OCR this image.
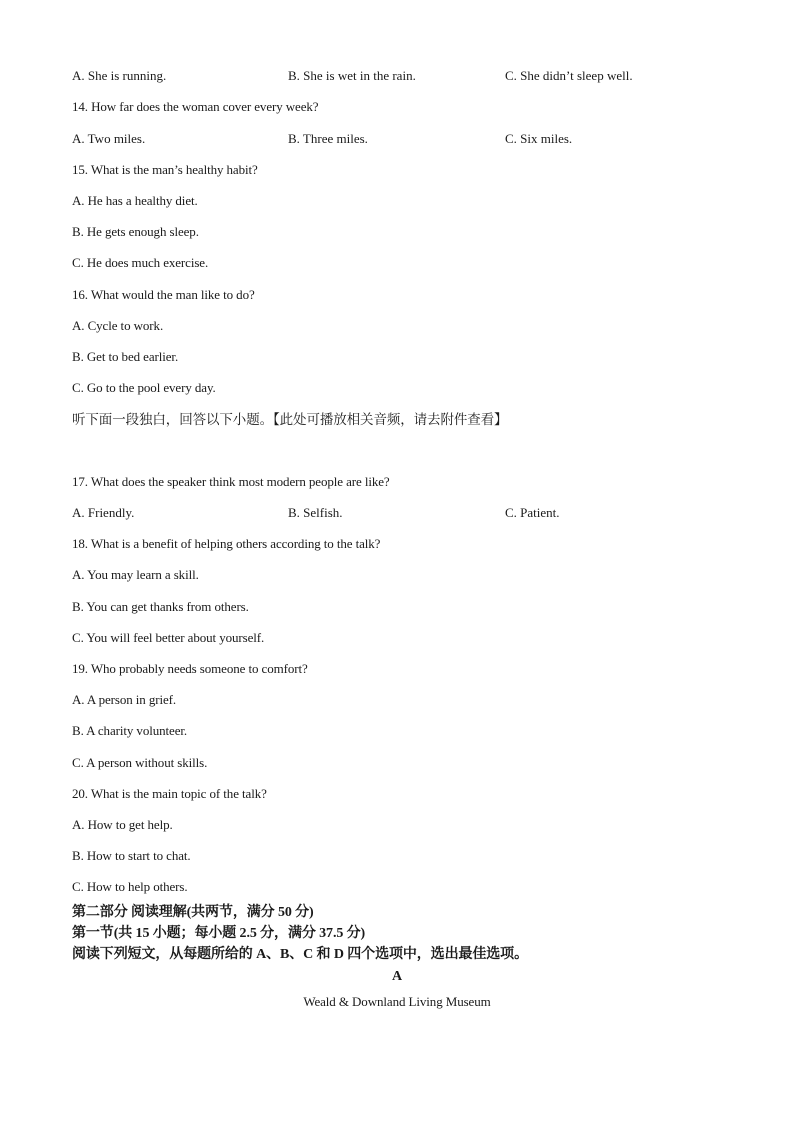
A. She is running.	B. She is wet in the rain.	C. She didn’t sleep well.
14. How far does the woman cover every week?
A. Two miles.	B. Three miles.	C. Six miles.
15. What is the man’s healthy habit?
A. He has a healthy diet.
B. He gets enough sleep.
C. He does much exercise.
16. What would the man like to do?
A. Cycle to work.
B. Get to bed earlier.
C. Go to the pool every day.
听下面一段独白，回答以下小题。【此处可播放相关音频，请去附件查看】
17. What does the speaker think most modern people are like?
A. Friendly.	B. Selfish.	C. Patient.
18. What is a benefit of helping others according to the talk?
A. You may learn a skill.
B. You can get thanks from others.
C. You will feel better about yourself.
19. Who probably needs someone to comfort?
A. A person in grief.
B. A charity volunteer.
C. A person without skills.
20. What is the main topic of the talk?
A. How to get help.
B. How to start to chat.
C. How to help others.
第二部分 阅读理解(共两节，满分 50 分)
第一节(共 15 小题；每小题 2.5 分，满分 37.5 分)
阅读下列短文，从每题所给的 A、B、C 和 D 四个选项中，选出最佳选项。
A
Weald & Downland Living Museum
